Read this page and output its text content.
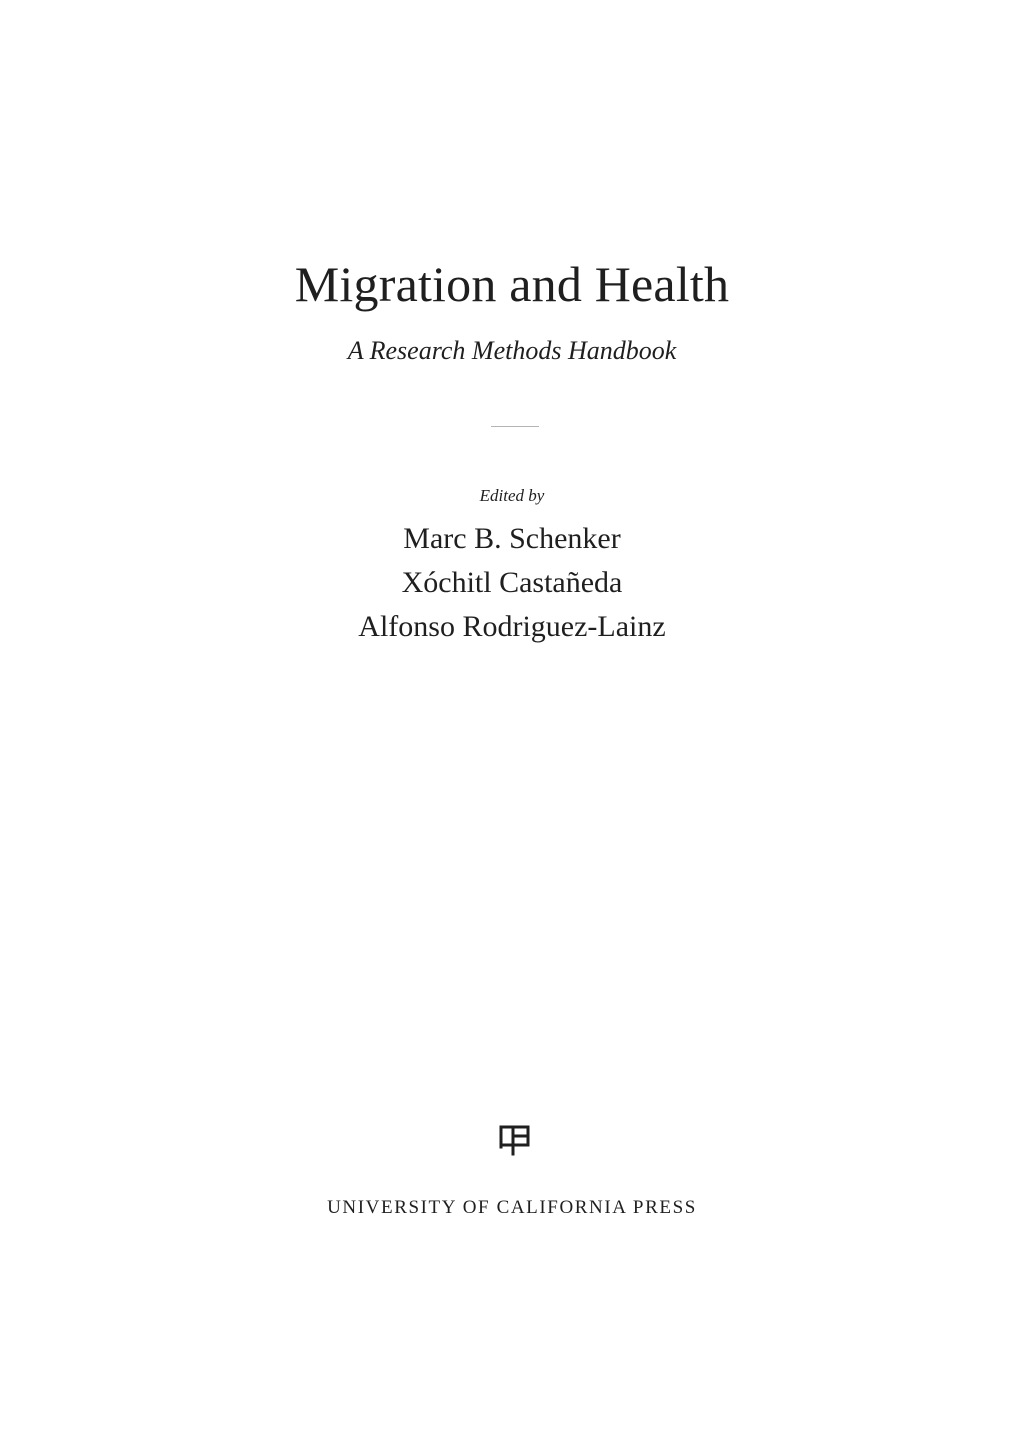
Migration and Health
A Research Methods Handbook
Edited by
Marc B. Schenker
Xóchitl Castañeda
Alfonso Rodriguez-Lainz
UNIVERSITY OF CALIFORNIA PRESS
